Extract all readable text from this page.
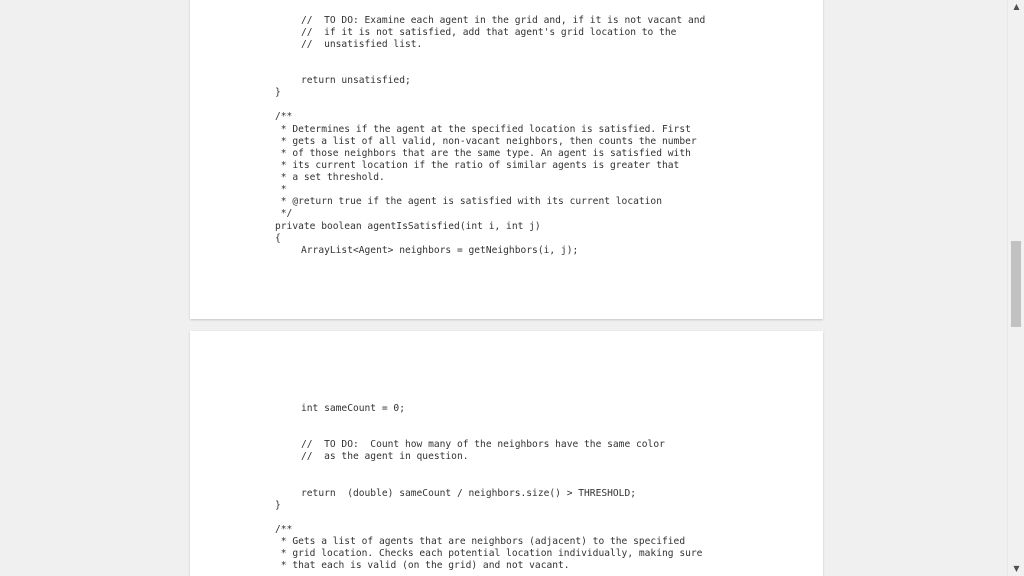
//  TO DO: Examine each agent in the grid and, if it is not vacant and

//  if it is not satisfied, add that agent's grid location to the

//  unsatisfied list.

return unsatisfied;

}

/**

* Determines if the agent at the specified location is satisfied. First

* gets a list of all valid, non-vacant neighbors, then counts the number

* of those neighbors that are the same type. An agent is satisfied with

* its current location if the ratio of similar agents is greater that

* a set threshold.

*

* @return true if the agent is satisfied with its current location

*/

private boolean agentIsSatisfied(int i, int j)

{

ArrayList<Agent> neighbors = getNeighbors(i, j);

int sameCount = 0;

//  TO DO:  Count how many of the neighbors have the same color

//  as the agent in question.

return  (double) sameCount / neighbors.size() > THRESHOLD;

}

/**

* Gets a list of agents that are neighbors (adjacent) to the specified

* grid location. Checks each potential location individually, making sure

* that each is valid (on the grid) and not vacant.

▲
▼
